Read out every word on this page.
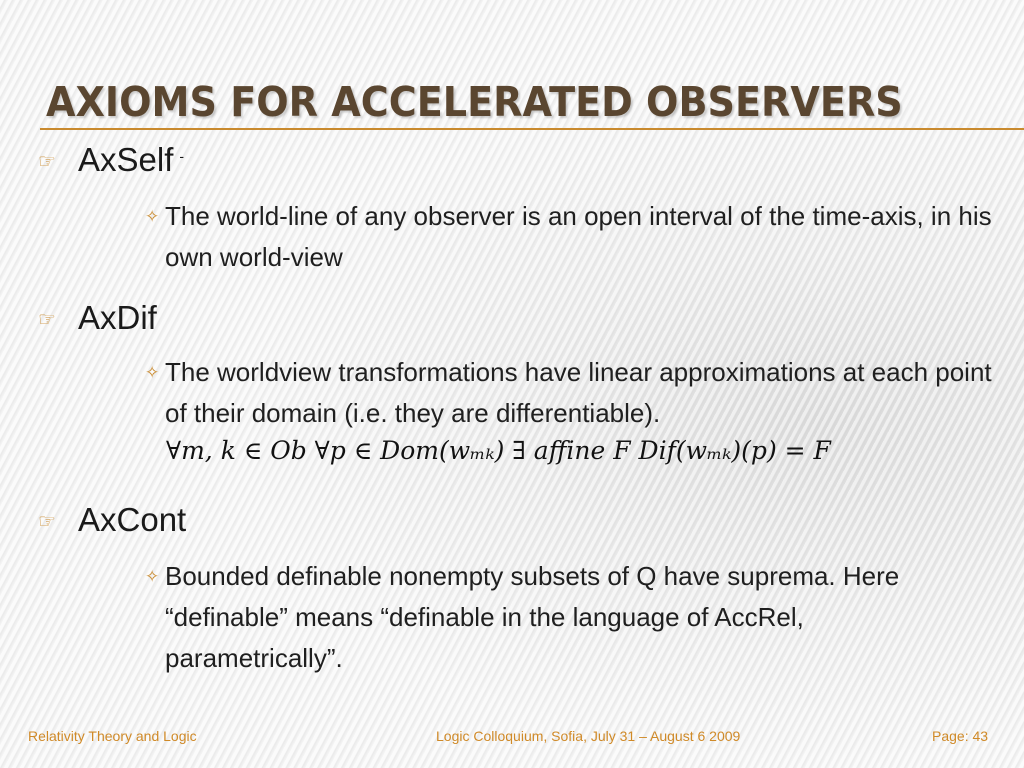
AXIOMS FOR ACCELERATED OBSERVERS
☞ AxSelf -
✧ The world-line of any observer is an open interval of the time-axis, in his own world-view
☞ AxDif
✧ The worldview transformations have linear approximations at each point of their domain (i.e. they are differentiable).
∀m, k ∈ Ob ∀p ∈ Dom(wₘₖ) ∃ affine F Dif(wₘₖ)(p) = F
☞ AxCont
✧ Bounded definable nonempty subsets of Q have suprema. Here “definable” means “definable in the language of AccRel, parametrically”.
Relativity Theory and Logic	Logic Colloquium, Sofia, July 31 – August 6 2009	Page: 43
